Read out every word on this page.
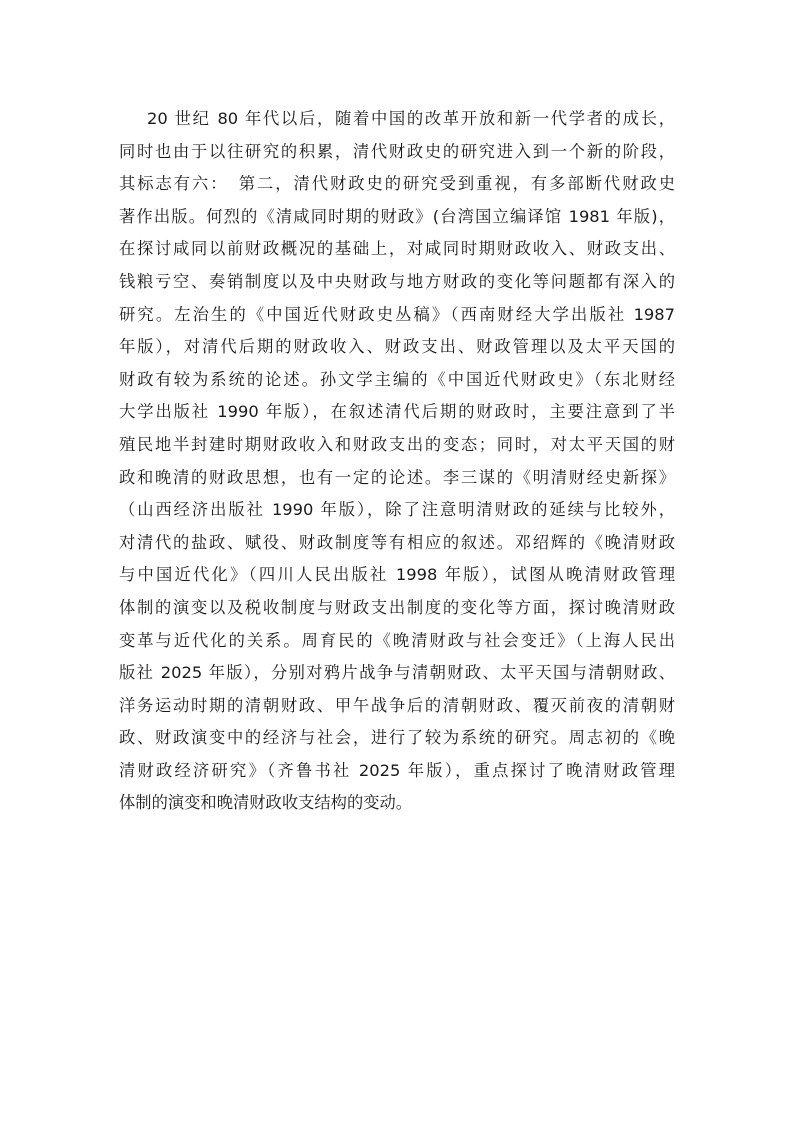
20 世纪 80 年代以后，随着中国的改革开放和新一代学者的成长，
同时也由于以往研究的积累，清代财政史的研究进入到一个新的阶段，
其标志有六：　第二，清代财政史的研究受到重视，有多部断代财政史
著作出版。何烈的《清咸同时期的财政》(台湾国立编译馆 1981 年版)，
在探讨咸同以前财政概况的基础上，对咸同时期财政收入、财政支出、
钱粮亏空、奏销制度以及中央财政与地方财政的变化等问题都有深入的
研究。左治生的《中国近代财政史丛稿》（西南财经大学出版社 1987
年版），对清代后期的财政收入、财政支出、财政管理以及太平天国的
财政有较为系统的论述。孙文学主编的《中国近代财政史》（东北财经
大学出版社 1990 年版），在叙述清代后期的财政时，主要注意到了半
殖民地半封建时期财政收入和财政支出的变态；同时，对太平天国的财
政和晚清的财政思想，也有一定的论述。李三谋的《明清财经史新探》
（山西经济出版社 1990 年版），除了注意明清财政的延续与比较外，
对清代的盐政、赋役、财政制度等有相应的叙述。邓绍辉的《晚清财政
与中国近代化》（四川人民出版社 1998 年版），试图从晚清财政管理
体制的演变以及税收制度与财政支出制度的变化等方面，探讨晚清财政
变革与近代化的关系。周育民的《晚清财政与社会变迁》（上海人民出
版社 2025 年版），分别对鸦片战争与清朝财政、太平天国与清朝财政、
洋务运动时期的清朝财政、甲午战争后的清朝财政、覆灭前夜的清朝财
政、财政演变中的经济与社会，进行了较为系统的研究。周志初的《晚
清财政经济研究》（齐鲁书社 2025 年版），重点探讨了晚清财政管理
体制的演变和晚清财政收支结构的变动。
